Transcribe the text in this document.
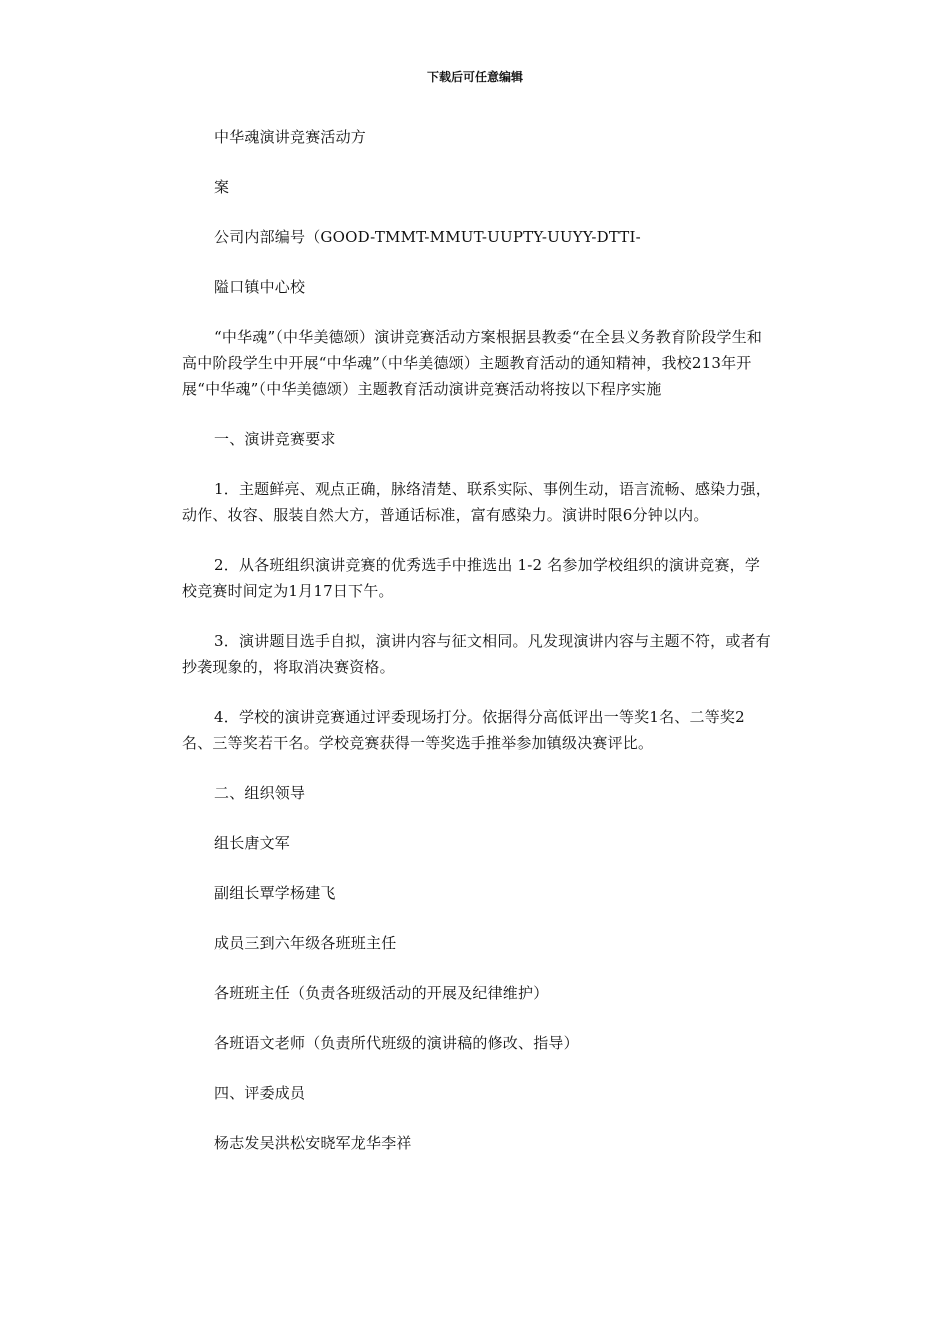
下载后可任意编辑

中华魂演讲竞赛活动方

案

公司内部编号（GOOD-TMMT-MMUT-UUPTY-UUYY-DTTI-

隘口镇中心校

“中华魂”（中华美德颂）演讲竞赛活动方案根据县教委“在全县义务教育阶段学生和高中阶段学生中开展“中华魂”（中华美德颂）主题教育活动的通知精神，我校213年开展“中华魂”（中华美德颂）主题教育活动演讲竞赛活动将按以下程序实施

一、演讲竞赛要求

1．主题鲜亮、观点正确，脉络清楚、联系实际、事例生动，语言流畅、感染力强，动作、妆容、服装自然大方，普通话标准，富有感染力。演讲时限6分钟以内。

2．从各班组织演讲竞赛的优秀选手中推选出 1-2 名参加学校组织的演讲竞赛，学校竞赛时间定为1月17日下午。

3．演讲题目选手自拟，演讲内容与征文相同。凡发现演讲内容与主题不符，或者有抄袭现象的，将取消决赛资格。

4．学校的演讲竞赛通过评委现场打分。依据得分高低评出一等奖1名、二等奖2名、三等奖若干名。学校竞赛获得一等奖选手推举参加镇级决赛评比。

二、组织领导

组长唐文军

副组长覃学杨建飞

成员三到六年级各班班主任

各班班主任（负责各班级活动的开展及纪律维护）

各班语文老师（负责所代班级的演讲稿的修改、指导）

四、评委成员

杨志发吴洪松安晓军龙华李祥
